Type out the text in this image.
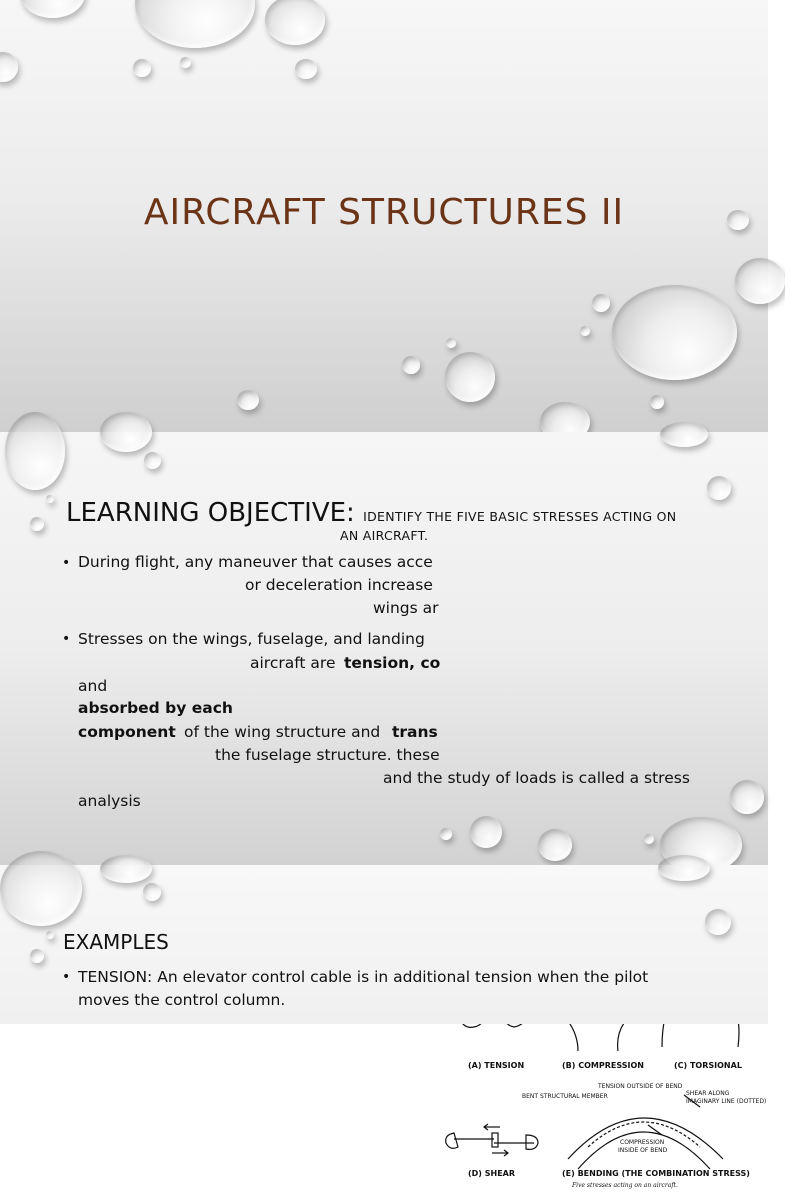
AIRCRAFT STRUCTURES II
(A) TENSION	(B) COMPRESSION	(C) TORSIONAL
TENSION OUTSIDE OF BEND
BENT STRUCTURAL MEMBER	SHEAR ALONG
IMAGINARY LINE (DOTTED)
COMPRESSION
INSIDE OF BEND
(D) SHEAR	(E) BENDING (THE COMBINATION STRESS)
Five stresses acting on an aircraft.
LEARNING OBJECTIVE: IDENTIFY THE FIVE BASIC STRESSES ACTING ON
AN AIRCRAFT.
• During flight, any maneuver that causes acce
or deceleration increase
wings ar
• Stresses on the wings, fuselage, and landing
aircraft are tension, co
and
absorbed by each
component of the wing structure and trans
the fuselage structure. these
and the study of loads is called a stress
analysis
EXAMPLES
• TENSION: An elevator control cable is in additional tension when the pilot
moves the control column.
